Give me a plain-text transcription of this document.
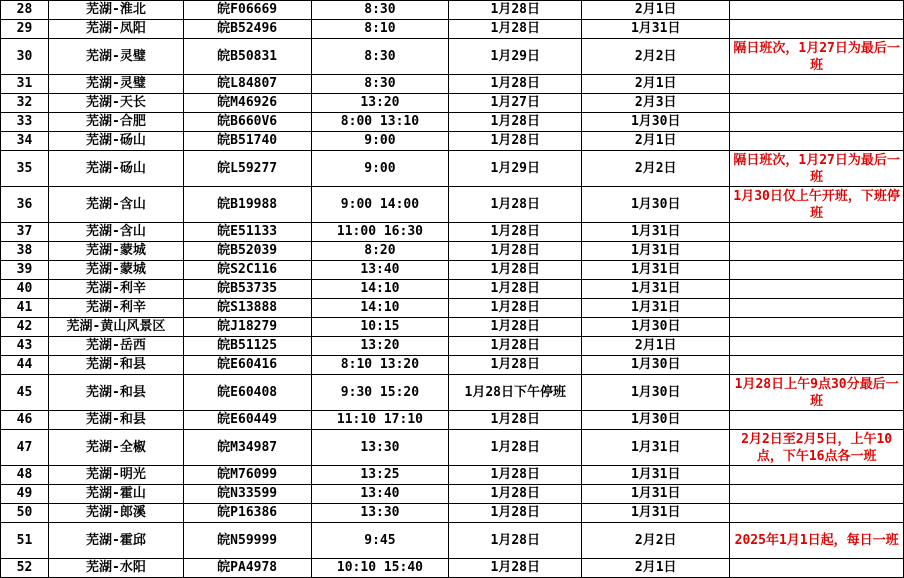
28	芜湖-淮北	皖F06669	8:30	1月28日	2月1日	
29	芜湖-凤阳	皖B52496	8:10	1月28日	1月31日	
30	芜湖-灵璧	皖B50831	8:30	1月29日	2月2日	隔日班次，1月27日为最后一班
31	芜湖-灵璧	皖L84807	8:30	1月28日	2月1日	
32	芜湖-天长	皖M46926	13:20	1月27日	2月3日	
33	芜湖-合肥	皖B660V6	8:00 13:10	1月28日	1月30日	
34	芜湖-砀山	皖B51740	9:00	1月28日	2月1日	
35	芜湖-砀山	皖L59277	9:00	1月29日	2月2日	隔日班次，1月27日为最后一班
36	芜湖-含山	皖B19988	9:00 14:00	1月28日	1月30日	1月30日仅上午开班，下班停班
37	芜湖-含山	皖E51133	11:00 16:30	1月28日	1月31日	
38	芜湖-蒙城	皖B52039	8:20	1月28日	1月31日	
39	芜湖-蒙城	皖S2C116	13:40	1月28日	1月31日	
40	芜湖-利辛	皖B53735	14:10	1月28日	1月31日	
41	芜湖-利辛	皖S13888	14:10	1月28日	1月31日	
42	芜湖-黄山风景区	皖J18279	10:15	1月28日	1月30日	
43	芜湖-岳西	皖B51125	13:20	1月28日	2月1日	
44	芜湖-和县	皖E60416	8:10 13:20	1月28日	1月30日	
45	芜湖-和县	皖E60408	9:30 15:20	1月28日下午停班	1月30日	1月28日上午9点30分最后一班
46	芜湖-和县	皖E60449	11:10 17:10	1月28日	1月30日	
47	芜湖-全椒	皖M34987	13:30	1月28日	1月31日	2月2日至2月5日，上午10点，下午16点各一班
48	芜湖-明光	皖M76099	13:25	1月28日	1月31日	
49	芜湖-霍山	皖N33599	13:40	1月28日	1月31日	
50	芜湖-郎溪	皖P16386	13:30	1月28日	1月31日	
51	芜湖-霍邱	皖N59999	9:45	1月28日	2月2日	2025年1月1日起，每日一班
52	芜湖-水阳	皖PA4978	10:10 15:40	1月28日	2月1日	
